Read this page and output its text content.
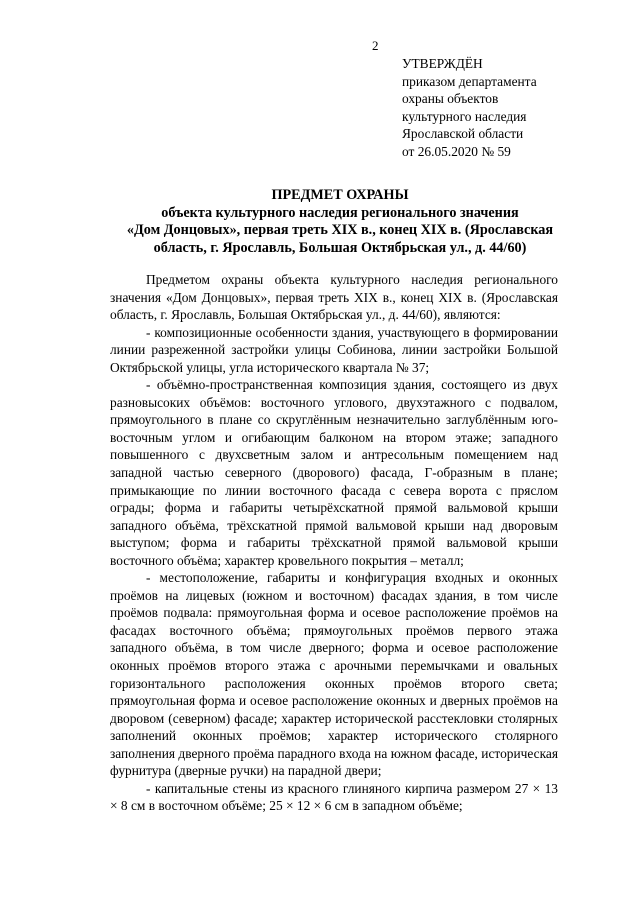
2
УТВЕРЖДЁН
приказом департамента
охраны объектов
культурного наследия
Ярославской области
от 26.05.2020 № 59
ПРЕДМЕТ ОХРАНЫ
объекта культурного наследия регионального значения
«Дом Донцовых», первая треть XIX в., конец XIX в. (Ярославская
область, г. Ярославль, Большая Октябрьская ул., д. 44/60)

Предметом охраны объекта культурного наследия регионального значения «Дом Донцовых», первая треть XIX в., конец XIX в. (Ярославская область, г. Ярославль, Большая Октябрьская ул., д. 44/60), являются:

- композиционные особенности здания, участвующего в формировании линии разреженной застройки улицы Собинова, линии застройки Большой Октябрьской улицы, угла исторического квартала № 37;

- объёмно-пространственная композиция здания, состоящего из двух разновысоких объёмов: восточного углового, двухэтажного с подвалом, прямоугольного в плане со скруглённым незначительно заглублённым юго-восточным углом и огибающим балконом на втором этаже; западного повышенного с двухсветным залом и антресольным помещением над западной частью северного (дворового) фасада, Г-образным в плане; примыкающие по линии восточного фасада с севера ворота с пряслом ограды; форма и габариты четырёхскатной прямой вальмовой крыши западного объёма, трёхскатной прямой вальмовой крыши над дворовым выступом; форма и габариты трёхскатной прямой вальмовой крыши восточного объёма; характер кровельного покрытия – металл;

- местоположение, габариты и конфигурация входных и оконных проёмов на лицевых (южном и восточном) фасадах здания, в том числе проёмов подвала: прямоугольная форма и осевое расположение проёмов на фасадах восточного объёма; прямоугольных проёмов первого этажа западного объёма, в том числе дверного; форма и осевое расположение оконных проёмов второго этажа с арочными перемычками и овальных горизонтального расположения оконных проёмов второго света; прямоугольная форма и осевое расположение оконных и дверных проёмов на дворовом (северном) фасаде; характер исторической расстекловки столярных заполнений оконных проёмов; характер исторического столярного заполнения дверного проёма парадного входа на южном фасаде, историческая фурнитура (дверные ручки) на парадной двери;

- капитальные стены из красного глиняного кирпича размером 27 × 13 × 8 см в восточном объёме; 25 × 12 × 6 см в западном объёме;
